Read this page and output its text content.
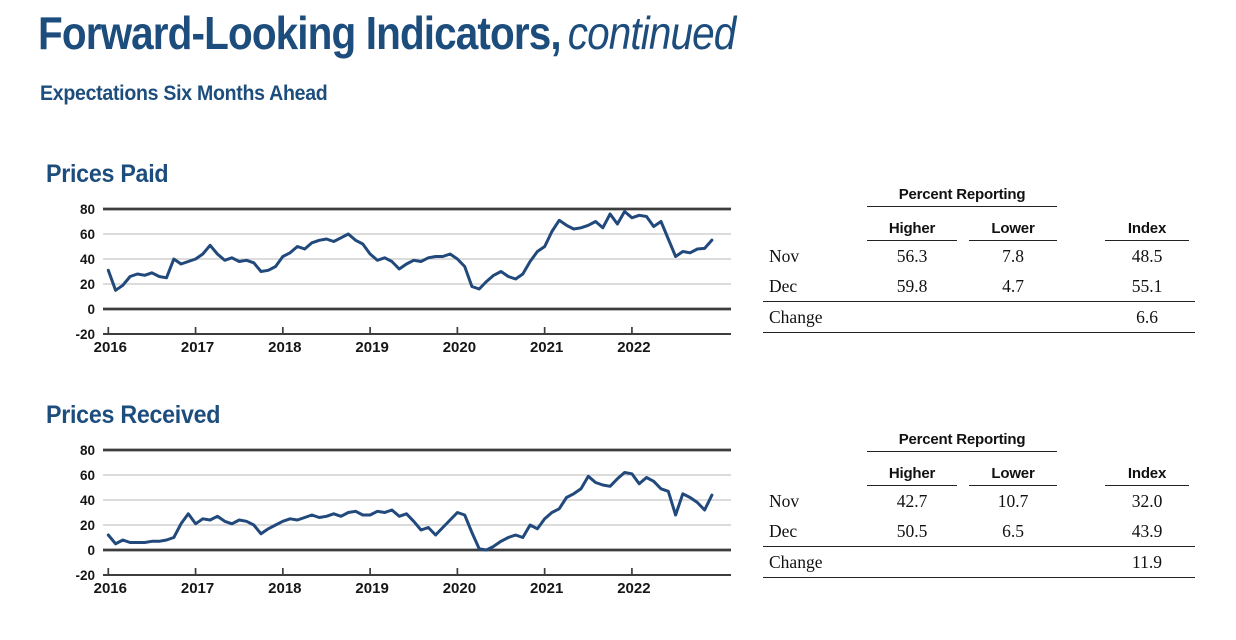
Forward-Looking Indicators, continued
Expectations Six Months Ahead

Prices Paid

80
60
40
20
0
-20
2016	2017	2018	2019	2020	2021	2022

Prices Received

80
60
40
20
0
-20
2016	2017	2018	2019	2020	2021	2022

	Percent Reporting			

	Higher	Lower		Index

Nov	56.3	7.8		48.5
Dec	59.8	4.7		55.1
Change				6.6

	Percent Reporting			

	Higher	Lower		Index

Nov	42.7	10.7		32.0
Dec	50.5	6.5		43.9
Change				11.9
